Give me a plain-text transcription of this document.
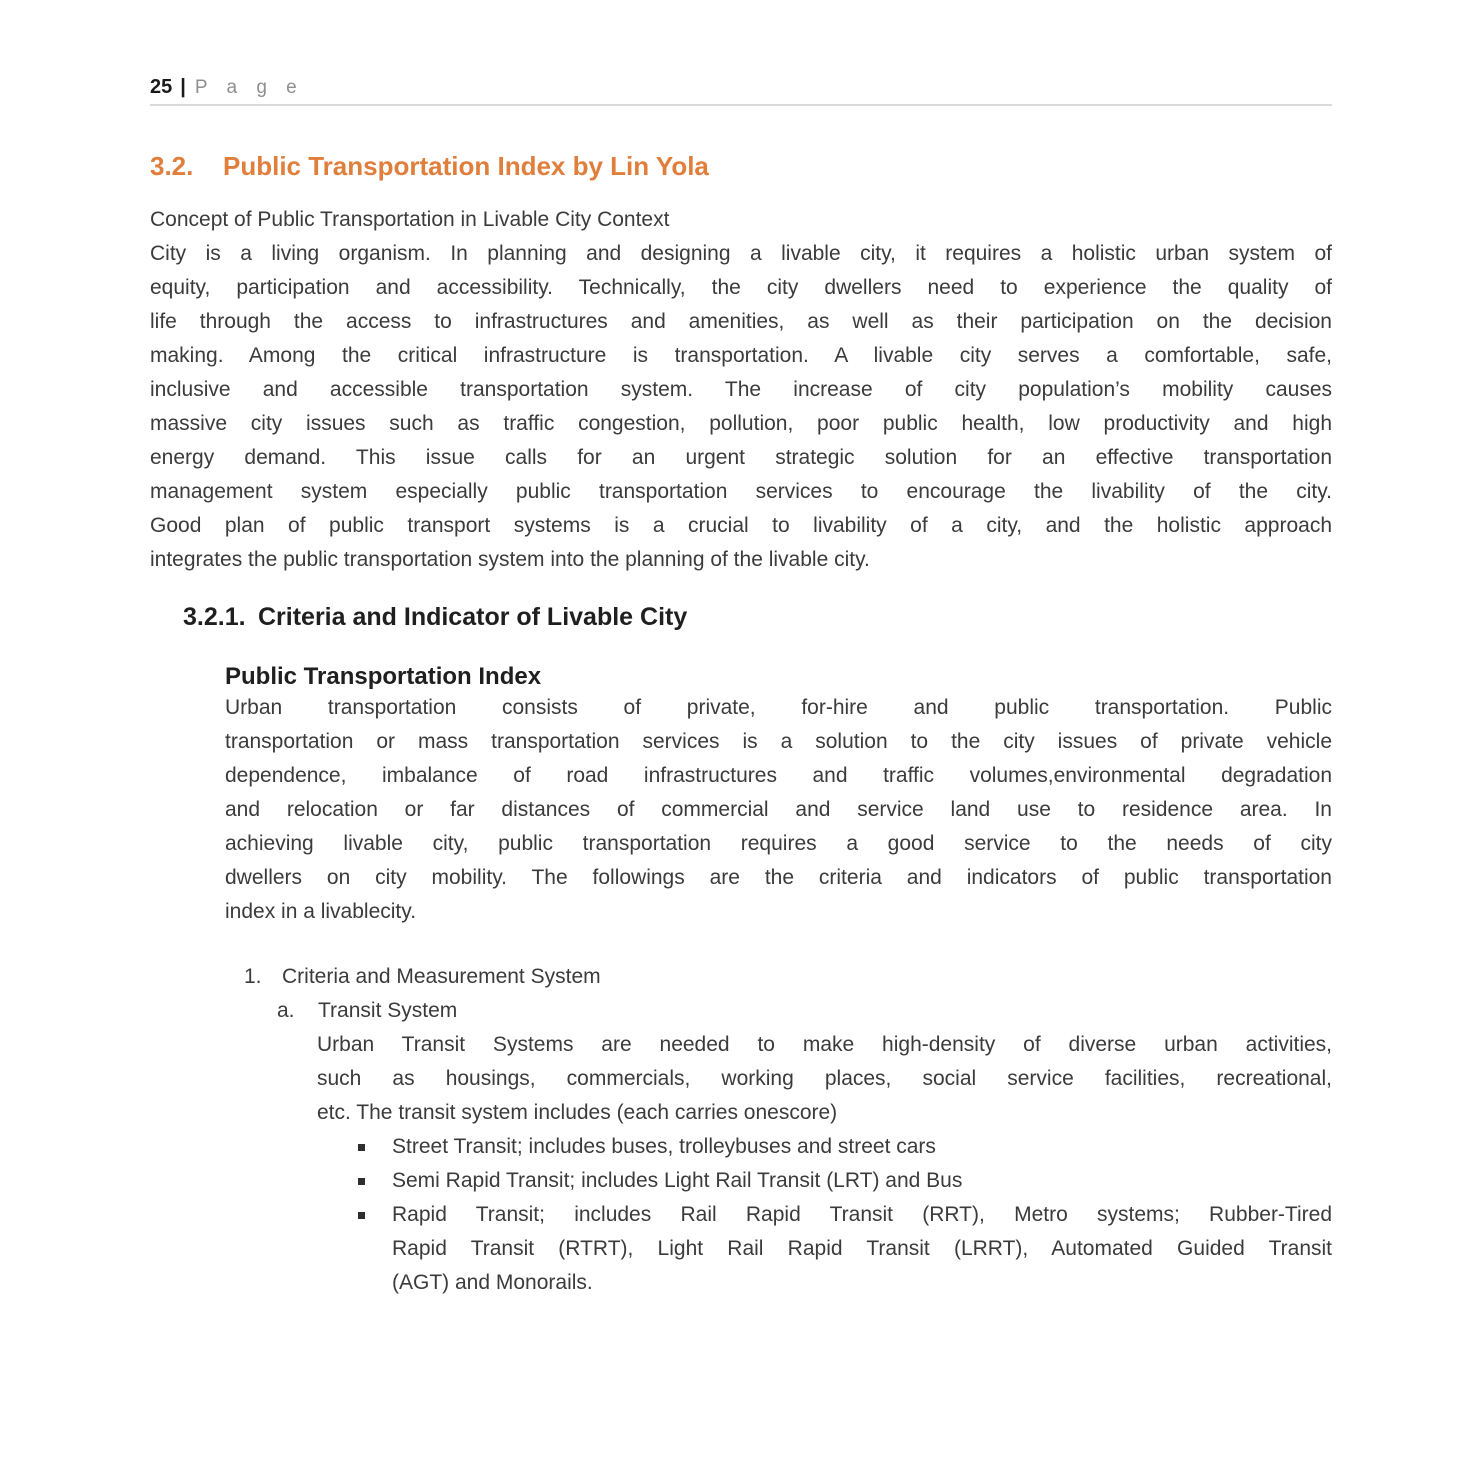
25 | P a g e
3.2.	Public Transportation Index by Lin Yola
Concept of Public Transportation in Livable City Context
City is a living organism. In planning and designing a livable city, it requires a holistic urban system of
equity, participation and accessibility. Technically, the city dwellers need to experience the quality of
life through the access to infrastructures and amenities, as well as their participation on the decision
making. Among the critical infrastructure is transportation. A livable city serves a comfortable, safe,
inclusive and accessible transportation system. The increase of city population’s mobility causes
massive city issues such as traffic congestion, pollution, poor public health, low productivity and high
energy demand. This issue calls for an urgent strategic solution for an effective transportation
management system especially public transportation services to encourage the livability of the city.
Good plan of public transport systems is a crucial to livability of a city, and the holistic approach
integrates the public transportation system into the planning of the livable city.
3.2.1. Criteria and Indicator of Livable City
Public Transportation Index
Urban transportation consists of private, for-hire and public transportation. Public
transportation or mass transportation services is a solution to the city issues of private vehicle
dependence, imbalance of road infrastructures and traffic volumes,environmental degradation
and relocation or far distances of commercial and service land use to residence area. In
achieving livable city, public transportation requires a good service to the needs of city
dwellers on city mobility. The followings are the criteria and indicators of public transportation
index in a livablecity.
1. Criteria and Measurement System
a.	Transit System
Urban Transit Systems are needed to make high-density of diverse urban activities,
such as housings, commercials, working places, social service facilities, recreational,
etc. The transit system includes (each carries onescore)
Street Transit; includes buses, trolleybuses and street cars
Semi Rapid Transit; includes Light Rail Transit (LRT) and Bus
Rapid Transit; includes Rail Rapid Transit (RRT), Metro systems; Rubber-Tired
Rapid Transit (RTRT), Light Rail Rapid Transit (LRRT), Automated Guided Transit
(AGT) and Monorails.
